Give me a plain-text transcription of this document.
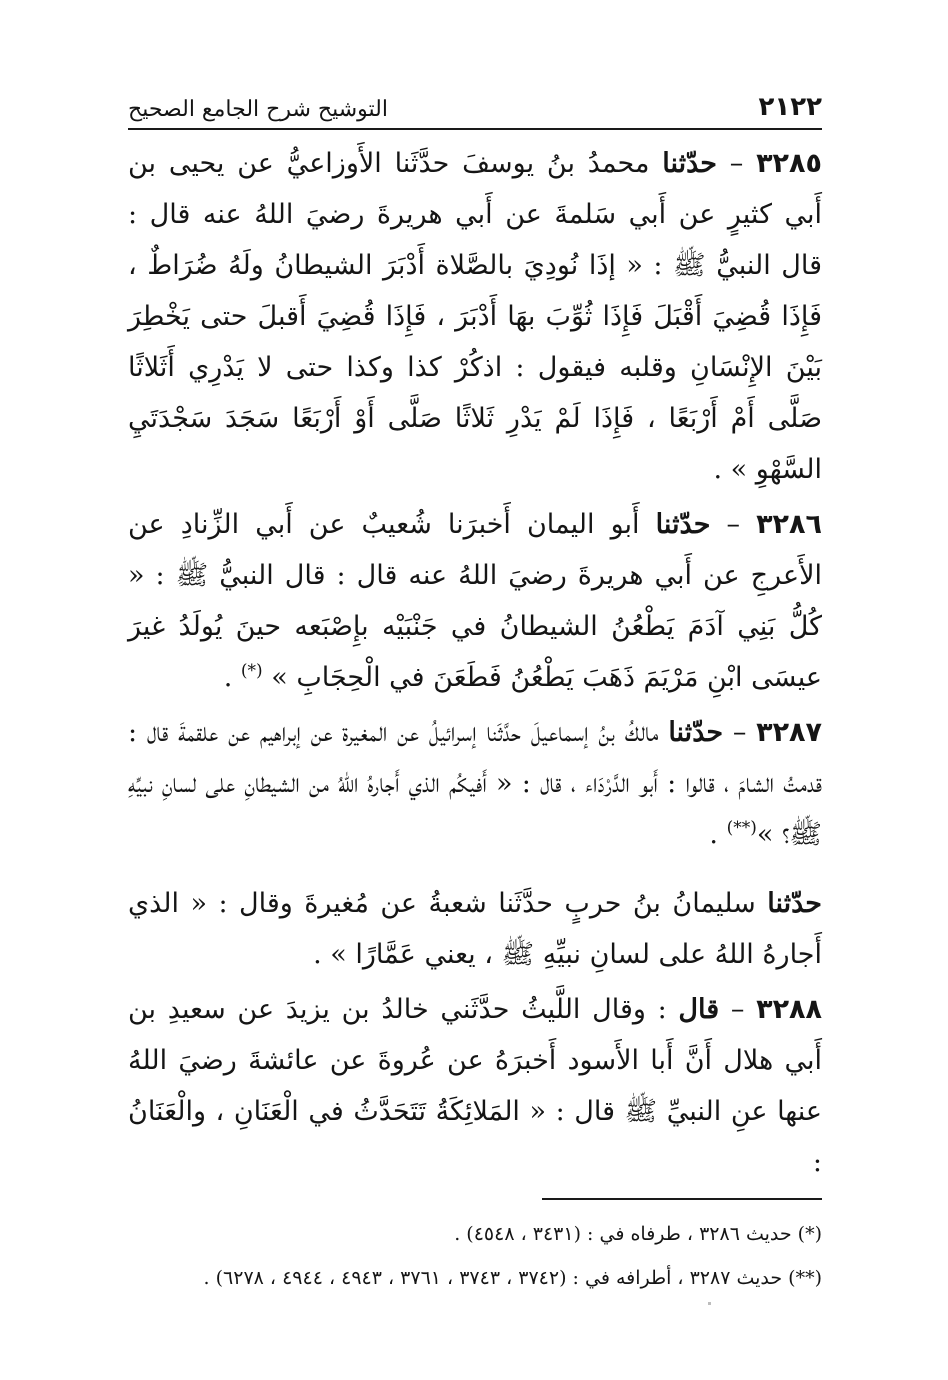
٢١٢٢
التوشيح شرح الجامع الصحيح

٣٢٨٥ – حدّثنا محمدُ بنُ يوسفَ حدَّثَنا الأَوزاعيُّ عن يحيى بن أَبي كثيرٍ عن أَبي سَلمةَ عن أَبي هريرةَ رضيَ اللهُ عنه قال : قال النبيُّ ﷺ : « إذَا نُودِيَ بالصَّلاة أَدْبَرَ الشيطانُ ولَهُ ضُرَاطٌ ، فَإِذَا قُضِيَ أَقْبَلَ فَإِذَا ثُوِّبَ بهَا أَدْبَرَ ، فَإِذَا قُضِيَ أَقبلَ حتى يَخْطِرَ بَيْنَ الإِنْسَانِ وقلبه فيقول : اذكُرْ كذا وكذا حتى لا يَدْرِي أَثَلاثًا صَلَّى أَمْ أَرْبَعًا ، فَإِذَا لَمْ يَدْرِ ثَلاثًا صَلَّى أَوْ أَرْبَعًا سَجَدَ سَجْدَتَيِ السَّهْوِ » .

٣٢٨٦ – حدّثنا أَبو اليمان أَخبرَنا شُعيبٌ عن أَبي الزِّنادِ عن الأَعرجِ عن أَبي هريرةَ رضيَ اللهُ عنه قال : قال النبيُّ ﷺ : « كُلُّ بَنِي آدَمَ يَطْعُنُ الشيطانُ في جَنْبَيْه بإِصْبَعه حينَ يُولَدُ غيرَ عيسَى ابْنِ مَرْيَمَ ذَهَبَ يَطْعُنُ فَطَعَنَ في الْحِجَابِ » (*) .

٣٢٨٧ – حدّثنا مالكُ بنُ إسماعيلَ حدَّثَنا إسرائيلُ عن المغيرة عن إبراهيم عن علقمةَ قال : قدمتُ الشامَ ، قالوا : أَبو الدَّرْدَاء ، قال : « أَفيكُم الذي أَجارهُ اللهُ من الشيطانِ على لسانِ نبيِّهِ ﷺ؟ »(**) .

حدّثنا سليمانُ بنُ حربٍ حدَّثَنا شعبةُ عن مُغيرةَ وقال : « الذي أَجارهُ اللهُ على لسانِ نبيِّهِ ﷺ ، يعني عَمَّارًا » .

٣٢٨٨ – قال : وقال اللَّيثُ حدَّثَني خالدُ بن يزيدَ عن سعيدِ بن أَبي هلال أَنَّ أَبا الأَسود أَخبرَهُ عن عُروةَ عن عائشةَ رضيَ اللهُ عنها عنِ النبيِّ ﷺ قال : « المَلائِكَةُ تَتَحَدَّثُ في الْعَنَانِ ، والْعَنَانُ :

(*) حديث ٣٢٨٦ ، طرفاه في : (٣٤٣١ ، ٤٥٤٨) .

(**) حديث ٣٢٨٧ ، أطرافه في : (٣٧٤٢ ، ٣٧٤٣ ، ٣٧٦١ ، ٤٩٤٣ ، ٤٩٤٤ ، ٦٢٧٨) .
